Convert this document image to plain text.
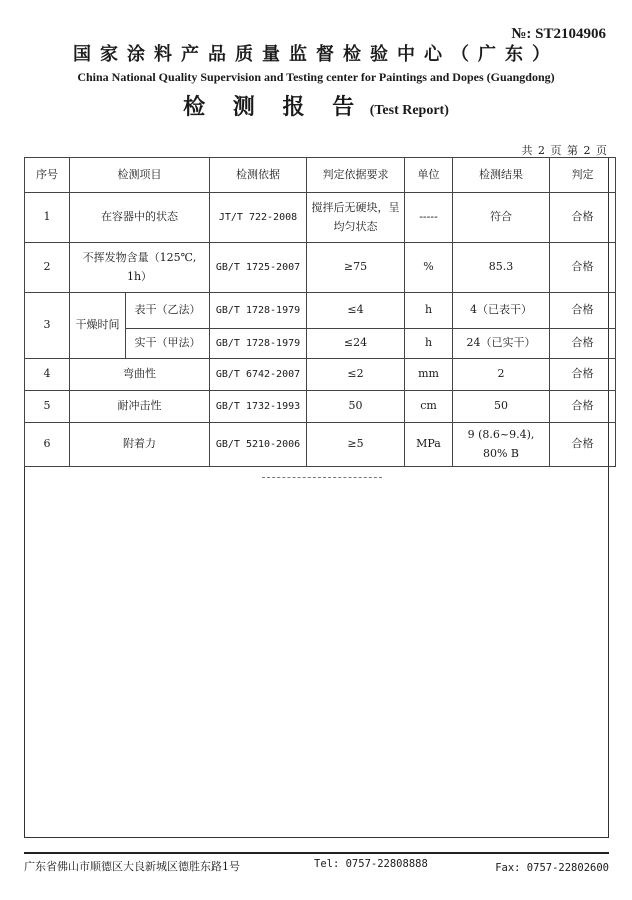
№: ST2104906
国家涂料产品质量监督检验中心（广东）
China National Quality Supervision and Testing center for Paintings and Dopes (Guangdong)
检 测 报 告 (Test Report)
共 2 页 第 2 页
序号	检测项目		检测依据	判定依据要求	单位	检测结果	判定
1	在容器中的状态		JT/T 722-2008	搅拌后无硬块，呈均匀状态	-----	符合	合格
2	不挥发物含量（125℃, 1h）		GB/T 1725-2007	≥75	%	85.3	合格
3	干燥时间	表干（乙法）	GB/T 1728-1979	≤4	h	4（已表干）	合格
		实干（甲法）	GB/T 1728-1979	≤24	h	24（已实干）	合格
4	弯曲性		GB/T 6742-2007	≤2	mm	2	合格
5	耐冲击性		GB/T 1732-1993	50	cm	50	合格
6	附着力		GB/T 5210-2006	≥5	MPa	9 (8.6~9.4), 80% B	合格
广东省佛山市顺德区大良新城区德胜东路1号	Tel: 0757-22808888	Fax: 0757-22802600
